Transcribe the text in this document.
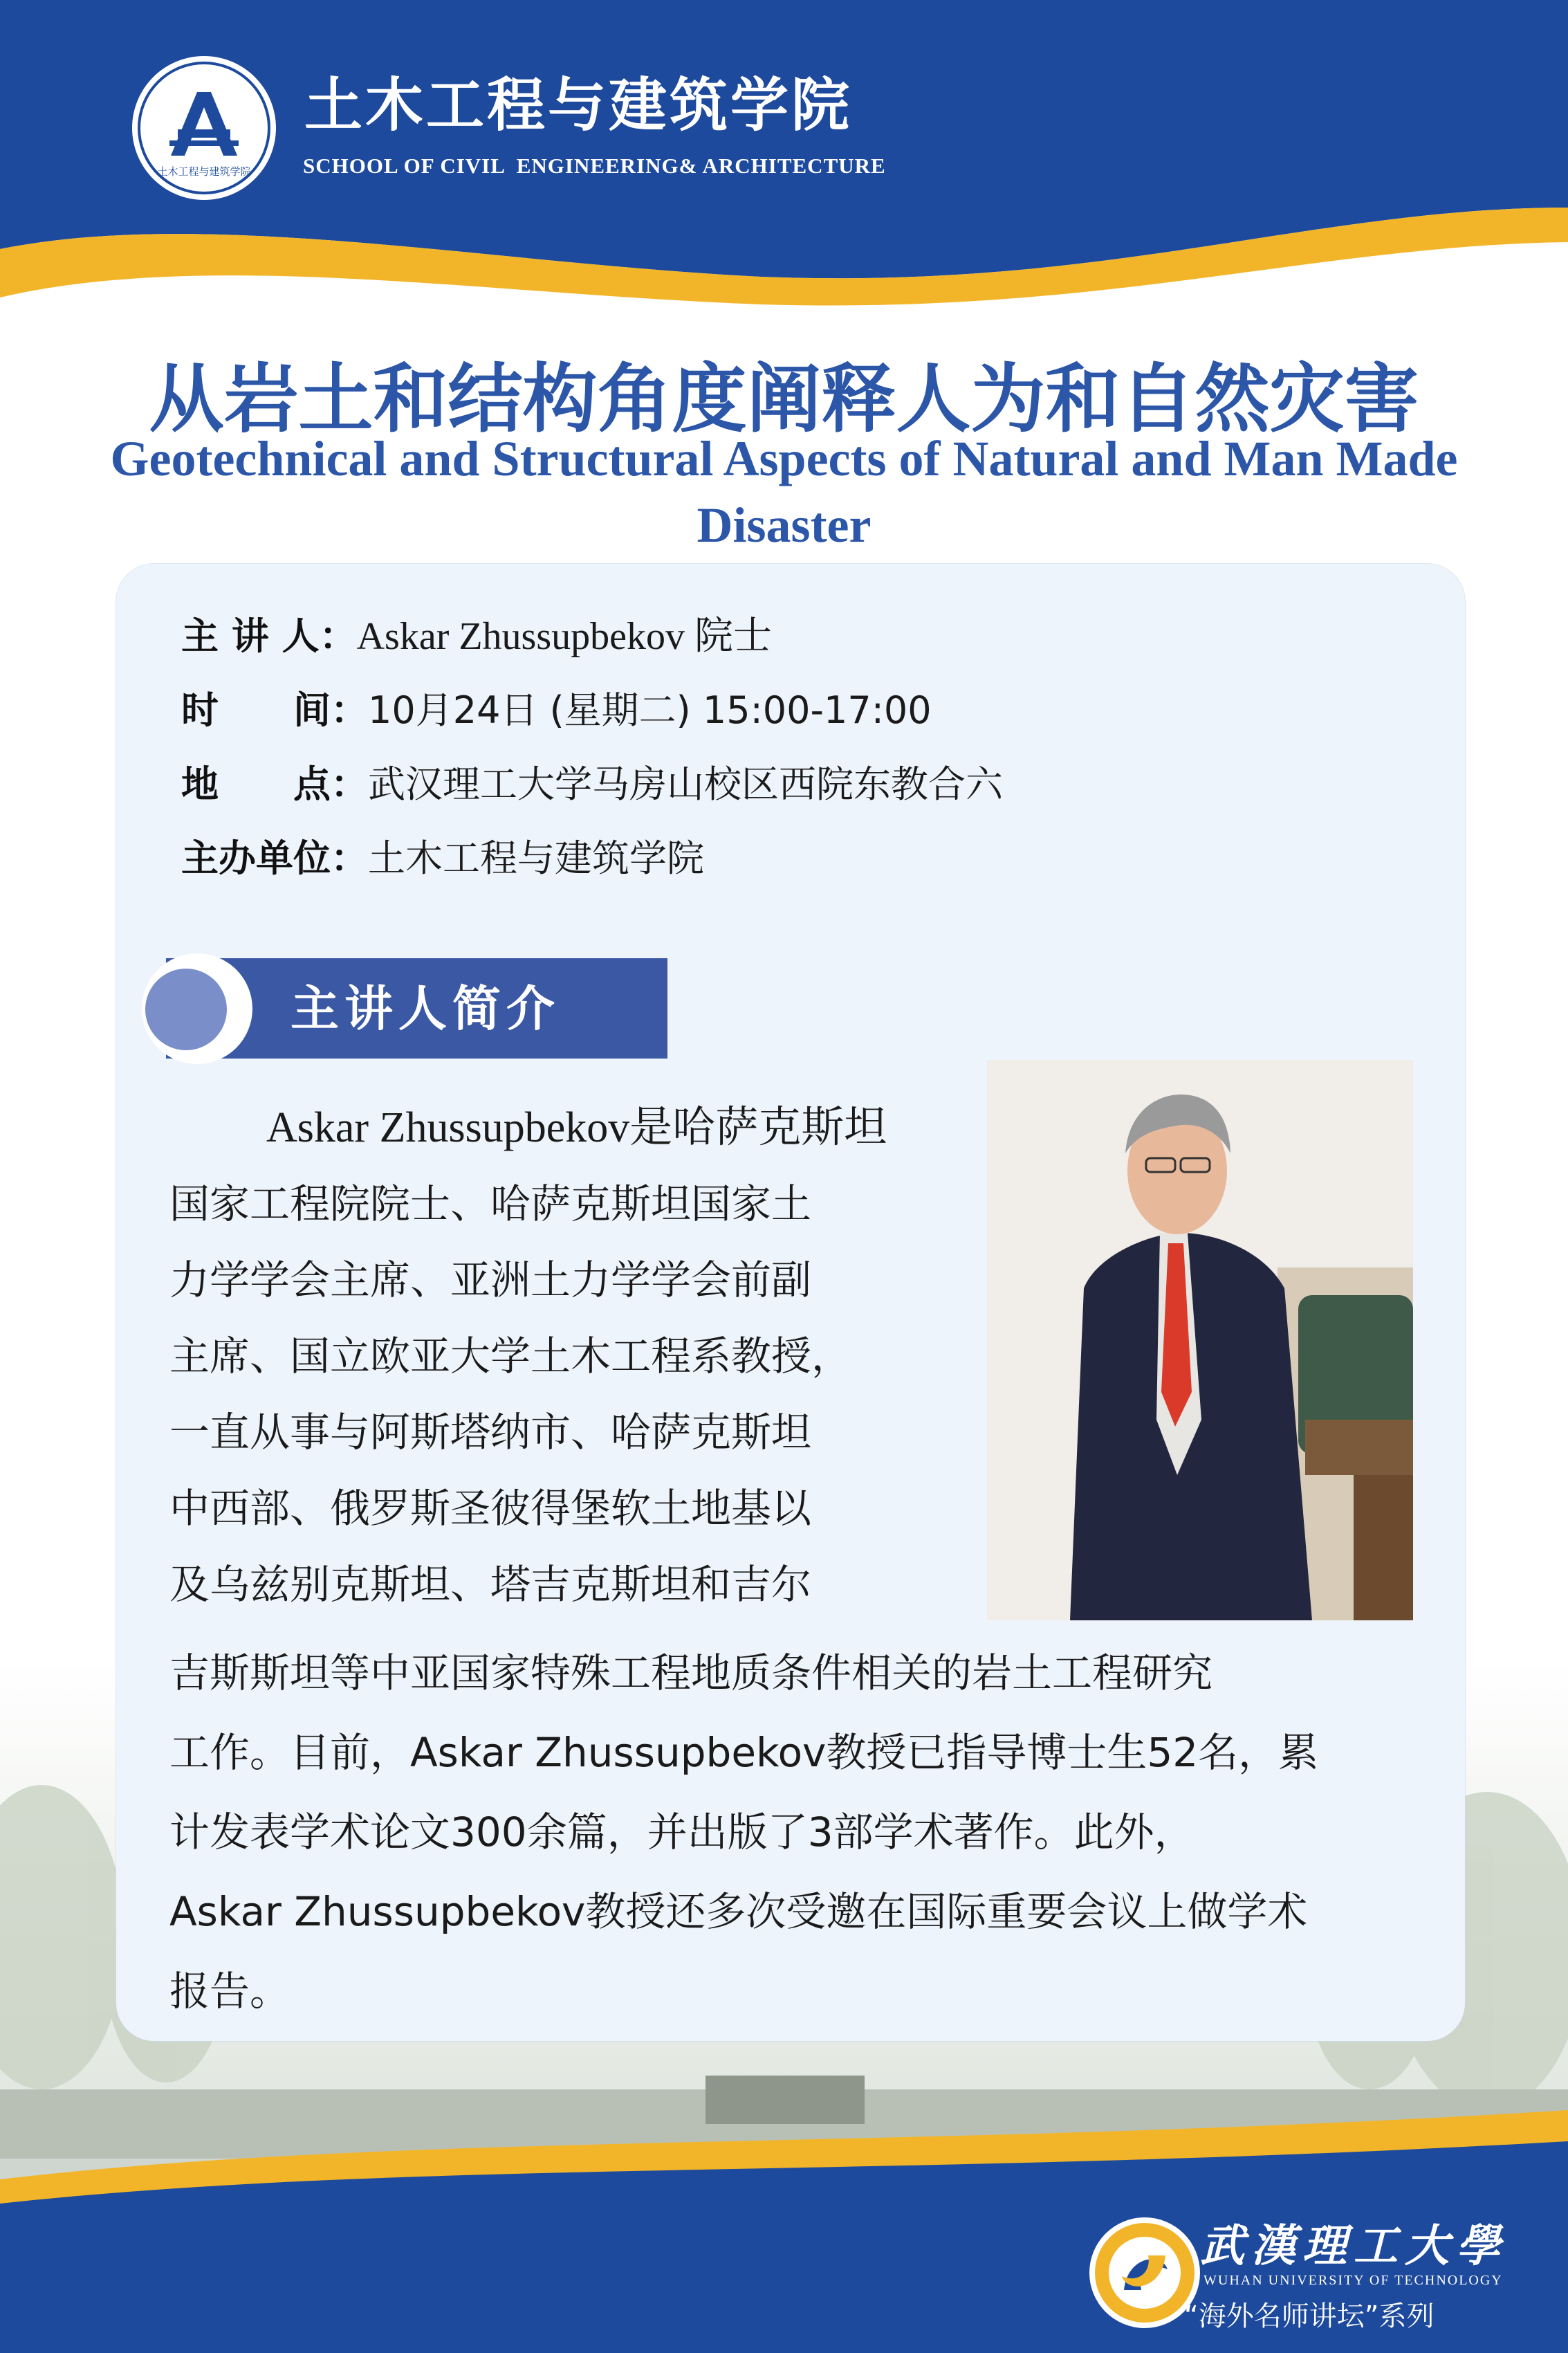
土木工程与建筑学院
土木工程与建筑学院
SCHOOL OF CIVIL  ENGINEERING& ARCHITECTURE
从岩土和结构角度阐释人为和自然灾害
Geotechnical and Structural Aspects of Natural and Man Made Disaster
主 讲 人：Askar Zhussupbekov 院士
时　　间：10月24日 (星期二) 15:00-17:00
地　　点：武汉理工大学马房山校区西院东教合六
主办单位：土木工程与建筑学院
主讲人简介
Askar Zhussupbekov是哈萨克斯坦
国家工程院院士、哈萨克斯坦国家土
力学学会主席、亚洲土力学学会前副
主席、国立欧亚大学土木工程系教授，
一直从事与阿斯塔纳市、哈萨克斯坦
中西部、俄罗斯圣彼得堡软土地基以
及乌兹别克斯坦、塔吉克斯坦和吉尔
吉斯斯坦等中亚国家特殊工程地质条件相关的岩土工程研究
工作。目前，Askar Zhussupbekov教授已指导博士生52名，累
计发表学术论文300余篇，并出版了3部学术著作。此外，
Askar Zhussupbekov教授还多次受邀在国际重要会议上做学术
报告。
武漢理工大學
WUHAN UNIVERSITY OF TECHNOLOGY
“海外名师讲坛”系列
